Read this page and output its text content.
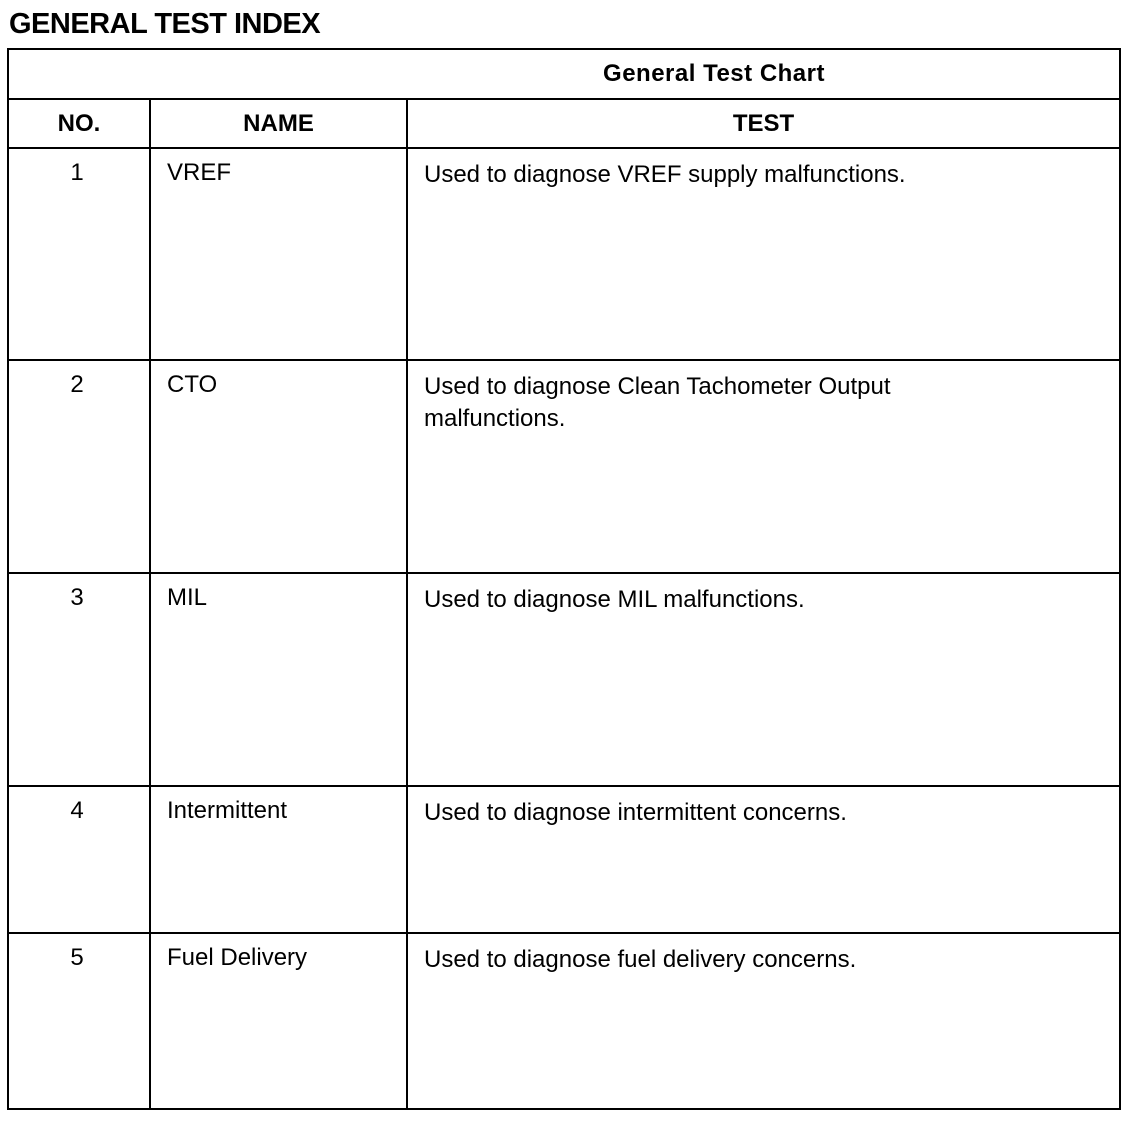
GENERAL TEST INDEX
General Test Chart		
NO.	NAME	TEST
1	VREF	Used to diagnose VREF supply malfunctions.
2	CTO	Used to diagnose Clean Tachometer Output malfunctions.
3	MIL	Used to diagnose MIL malfunctions.
4	Intermittent	Used to diagnose intermittent concerns.
5	Fuel Delivery	Used to diagnose fuel delivery concerns.
